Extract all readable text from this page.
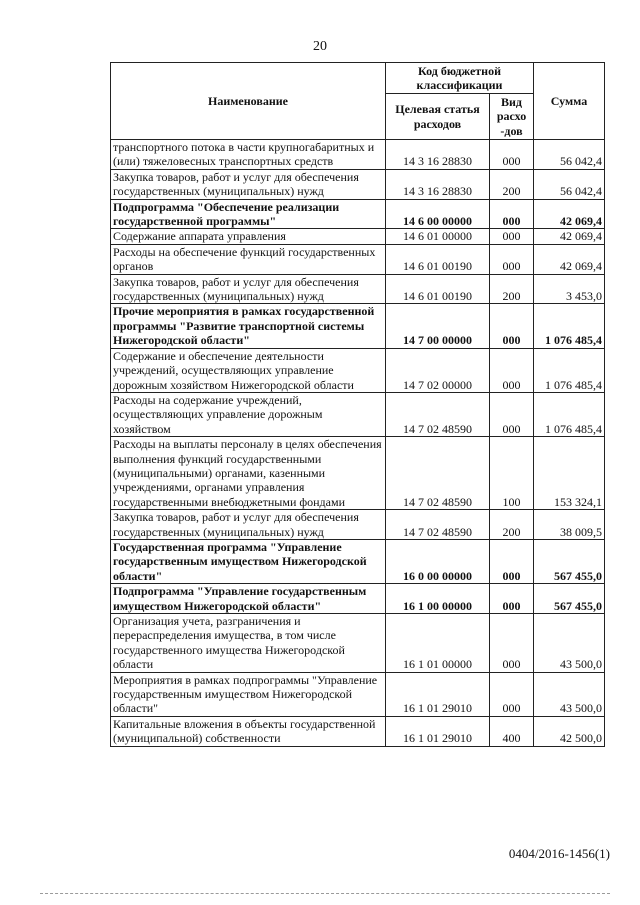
20
Наименование	Код бюджетной классификации		Сумма
	Целевая статья расходов	Вид расхо -дов	
транспортного потока в части крупногабаритных и (или) тяжеловесных транспортных средств	14 3 16 28830	000	56 042,4
Закупка товаров, работ и услуг для обеспечения государственных (муниципальных) нужд	14 3 16 28830	200	56 042,4
Подпрограмма "Обеспечение реализации государственной программы"	14 6 00 00000	000	42 069,4
Содержание аппарата управления	14 6 01 00000	000	42 069,4
Расходы на обеспечение функций государственных органов	14 6 01 00190	000	42 069,4
Закупка товаров, работ и услуг для обеспечения государственных (муниципальных) нужд	14 6 01 00190	200	3 453,0
Прочие мероприятия в рамках государственной программы "Развитие транспортной системы Нижегородской области"	14 7 00 00000	000	1 076 485,4
Содержание и обеспечение деятельности учреждений, осуществляющих управление дорожным хозяйством Нижегородской области	14 7 02 00000	000	1 076 485,4
Расходы на содержание учреждений, осуществляющих управление дорожным хозяйством	14 7 02 48590	000	1 076 485,4
Расходы на выплаты персоналу в целях обеспечения выполнения функций государственными (муниципальными) органами, казенными учреждениями, органами управления государственными внебюджетными фондами	14 7 02 48590	100	153 324,1
Закупка товаров, работ и услуг для обеспечения государственных (муниципальных) нужд	14 7 02 48590	200	38 009,5
Государственная программа "Управление государственным имуществом Нижегородской области"	16 0 00 00000	000	567 455,0
Подпрограмма "Управление государственным имуществом Нижегородской области"	16 1 00 00000	000	567 455,0
Организация учета, разграничения и перераспределения имущества, в том числе государственного имущества Нижегородской области	16 1 01 00000	000	43 500,0
Мероприятия в рамках подпрограммы "Управление государственным имуществом Нижегородской области"	16 1 01 29010	000	43 500,0
Капитальные вложения в объекты государственной (муниципальной) собственности	16 1 01 29010	400	42 500,0
0404/2016-1456(1)
